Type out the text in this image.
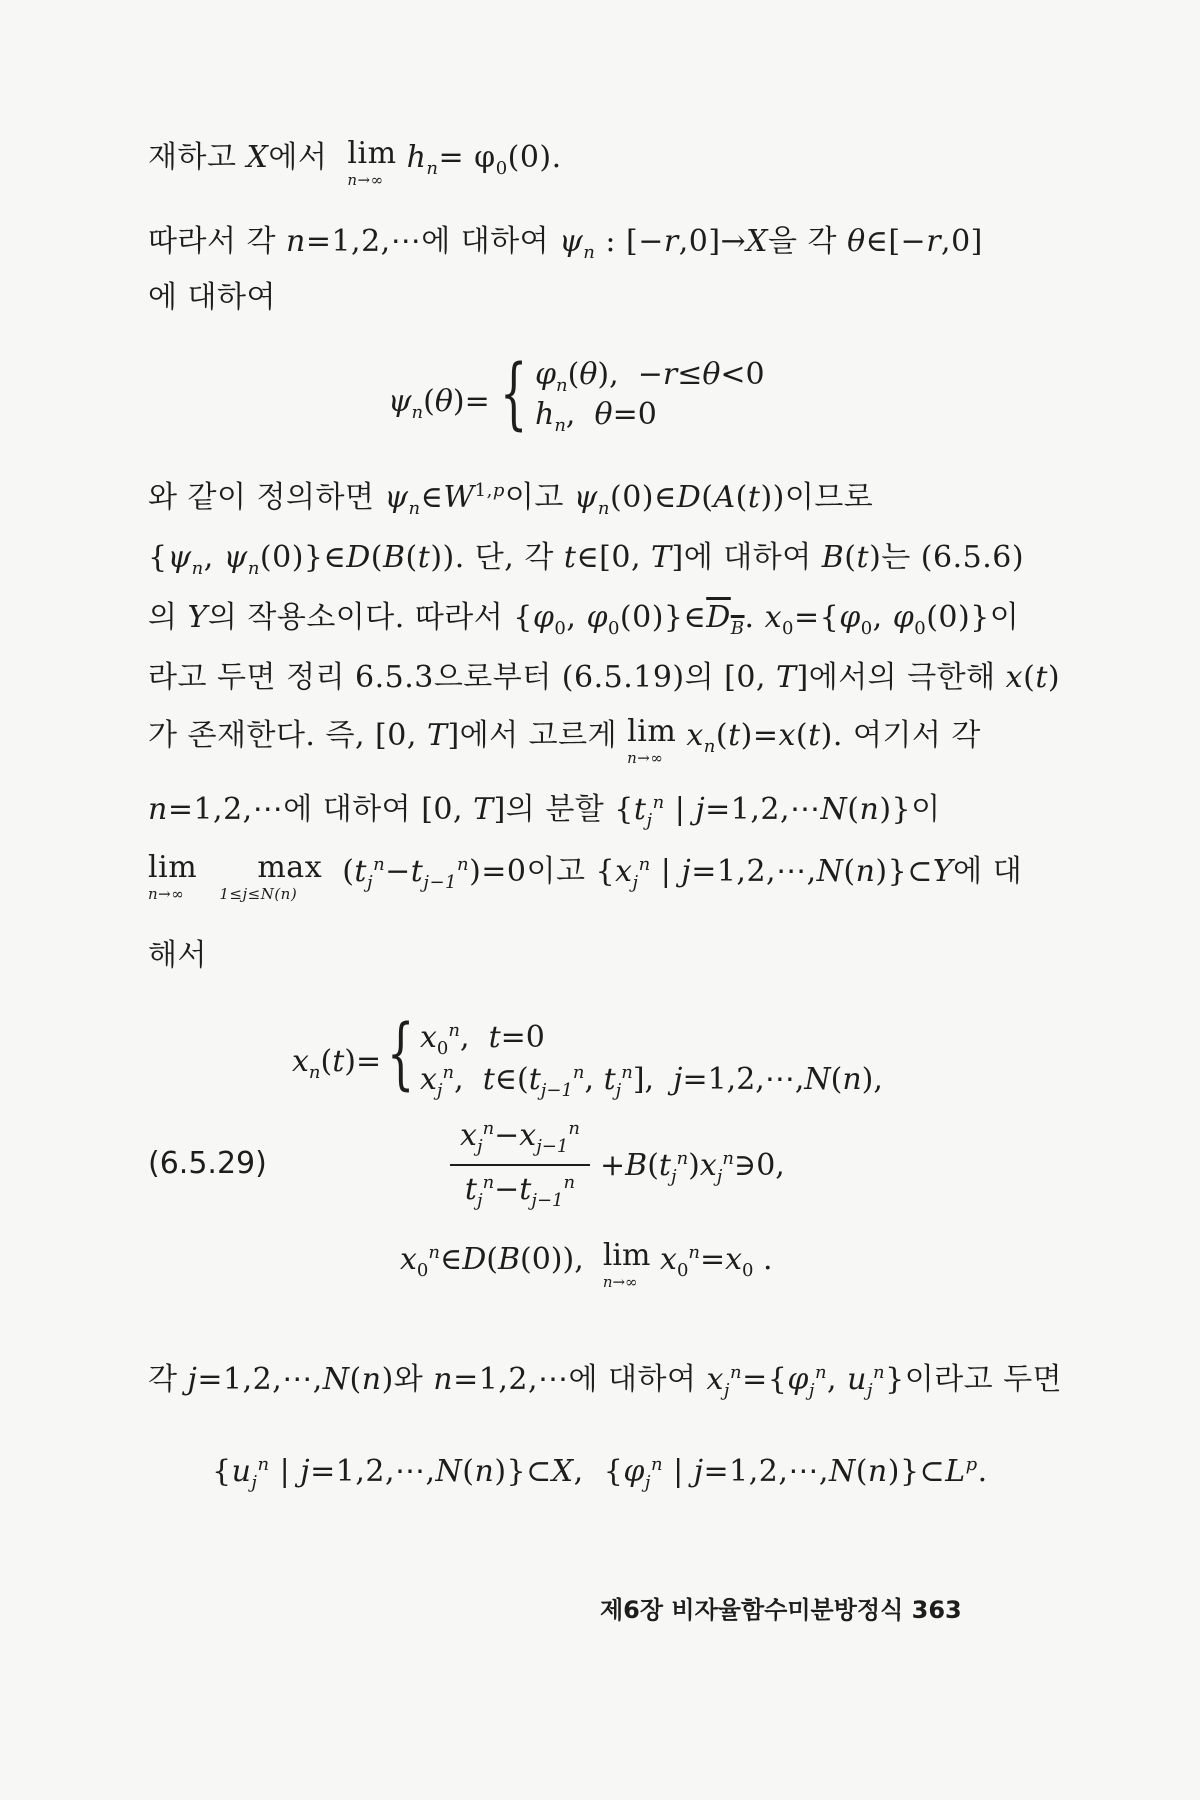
재하고 X에서  lim
n→∞
$h_n= \varphi_0(0)$.
따라서 각 n=1,2,⋯에 대하여 $\psi_n$ : [−r,0]→X을 각 θ∈[−r,0]
에 대하여
$\psi_n(\theta)=$ { $\varphi_n(\theta)$,  −r≤θ<0
$h_n$,  θ=0
와 같이 정의하면 $\psi_n\in W^{1,p}$이고 $\psi_n(0)\in D(A(t))$이므로
{$\psi_n$, $\psi_n(0)\}\in D(B(t))$. 단, 각 t∈[0, T]에 대하여 B(t)는 (6.5.6)
의 Y의 작용소이다. 따라서 {$\varphi_0$, $\varphi_0(0)\}\in D_B$. $x_0=\{\varphi_0$, $\varphi_0(0)$}이
라고 두면 정리 6.5.3으로부터 (6.5.19)의 [0, T]에서의 극한해 x(t)
가 존재한다. 즉, [0, T]에서 고르게 lim
n→∞
$x_n(t)=x(t)$. 여기서 각
n=1,2,⋯에 대하여 [0, T]의 분할 {$t_j^n$ | j=1,2,⋯N(n)}이
lim
n→∞
max
1≤j≤N(n)
$(t_j^n-t_{j-1}^n)=0$이고 {$x_j^n$ | j=1,2,⋯,N(n)}⊂Y에 대
해서
$x_n(t)=$ { $x_0^n$,  t=0
$x_j^n$,  $t\in(t_{j-1}^n$, $t_j^n$],  j=1,2,⋯,N(n),
(6.5.29)
$x_j^n-x_{j-1}^n$
$t_j^n-t_{j-1}^n$ $+B(t_j^n)x_j^n∋0$,
$x_0^n\in D(B(0))$,  lim
n→∞
$x_0^n=x_0$ .
각 j=1,2,⋯,N(n)와 n=1,2,⋯에 대하여 $x_j^n=\{\varphi_j^n$, $u_j^n$}이라고 두면
{$u_j^n$ | j=1,2,⋯,N(n)}⊂X,  {$\varphi_j^n$ | $j=1,2,\cdots,N(n)\}\subset L^p$.
제6장 비자율함수미분방정식 363
